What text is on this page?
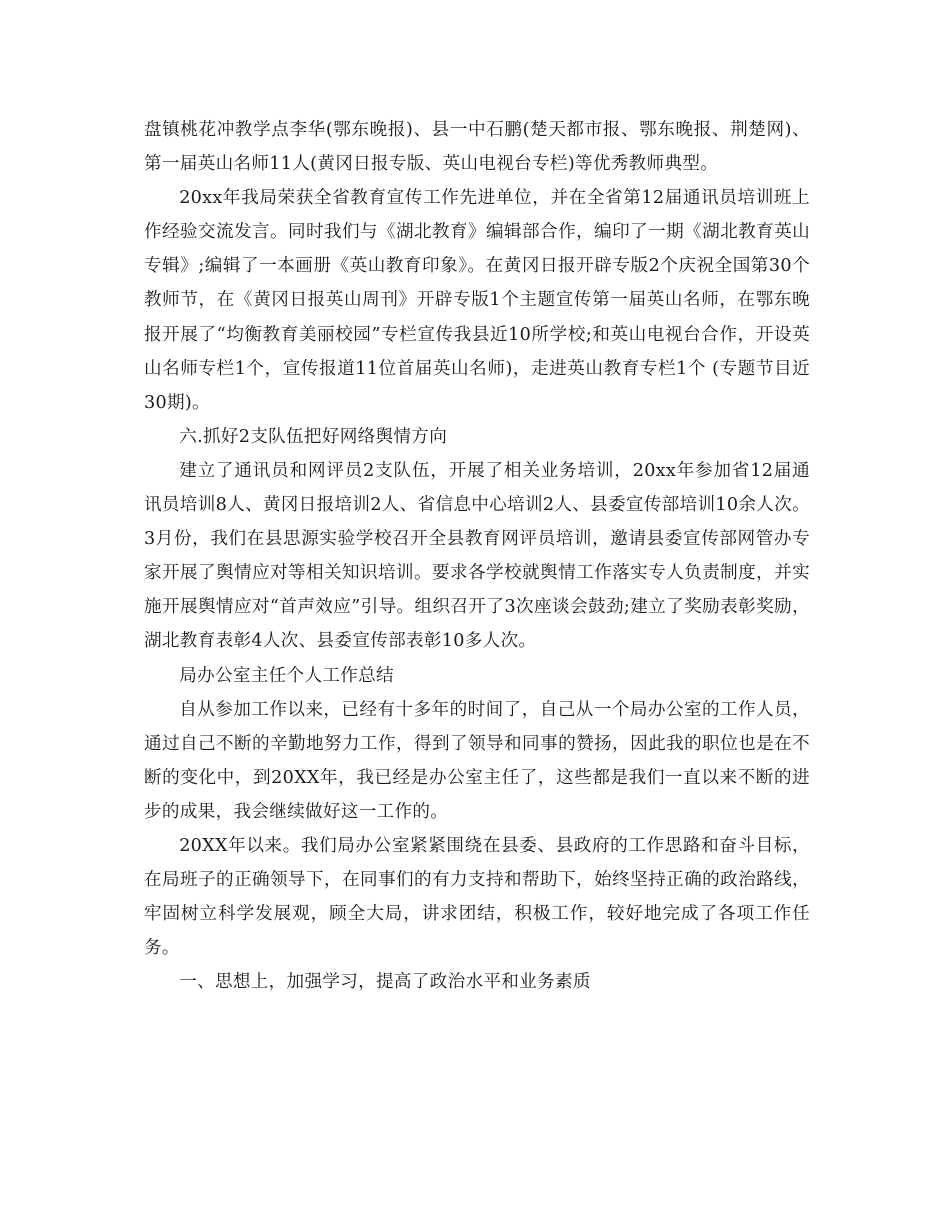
盘镇桃花冲教学点李华(鄂东晚报)、县一中石鹏(楚天都市报、鄂东晚报、荆楚网)、第一届英山名师11人(黄冈日报专版、英山电视台专栏)等优秀教师典型。

20xx年我局荣获全省教育宣传工作先进单位，并在全省第12届通讯员培训班上作经验交流发言。同时我们与《湖北教育》编辑部合作，编印了一期《湖北教育英山专辑》;编辑了一本画册《英山教育印象》。在黄冈日报开辟专版2个庆祝全国第30个教师节，在《黄冈日报英山周刊》开辟专版1个主题宣传第一届英山名师，在鄂东晚报开展了“均衡教育美丽校园”专栏宣传我县近10所学校;和英山电视台合作，开设英山名师专栏1个，宣传报道11位首届英山名师)，走进英山教育专栏1个 (专题节目近30期)。

六.抓好2支队伍把好网络舆情方向

建立了通讯员和网评员2支队伍，开展了相关业务培训，20xx年参加省12届通讯员培训8人、黄冈日报培训2人、省信息中心培训2人、县委宣传部培训10余人次。3月份，我们在县思源实验学校召开全县教育网评员培训，邀请县委宣传部网管办专家开展了舆情应对等相关知识培训。要求各学校就舆情工作落实专人负责制度，并实施开展舆情应对“首声效应”引导。组织召开了3次座谈会鼓劲;建立了奖励表彰奖励，湖北教育表彰4人次、县委宣传部表彰10多人次。

局办公室主任个人工作总结

自从参加工作以来，已经有十多年的时间了，自己从一个局办公室的工作人员，通过自己不断的辛勤地努力工作，得到了领导和同事的赞扬，因此我的职位也是在不断的变化中，到20XX年，我已经是办公室主任了，这些都是我们一直以来不断的进步的成果，我会继续做好这一工作的。

20XX年以来。我们局办公室紧紧围绕在县委、县政府的工作思路和奋斗目标，在局班子的正确领导下，在同事们的有力支持和帮助下，始终坚持正确的政治路线，牢固树立科学发展观，顾全大局，讲求团结，积极工作，较好地完成了各项工作任务。

一、思想上，加强学习，提高了政治水平和业务素质
